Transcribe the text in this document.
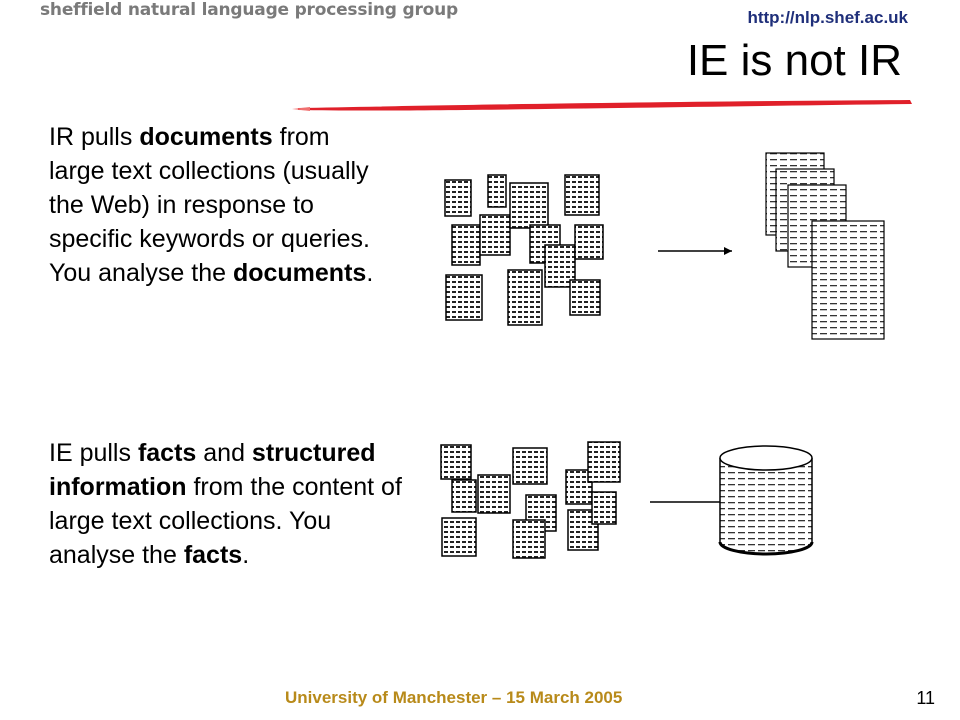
sheffield natural language processing group	http://nlp.shef.ac.uk
IE is not IR

IR pulls documents from large text collections (usually the Web) in response to specific keywords or queries. You analyse the documents.

IE pulls facts and structured information from the content of large text collections. You analyse the facts.

University of Manchester – 15 March 2005	11
